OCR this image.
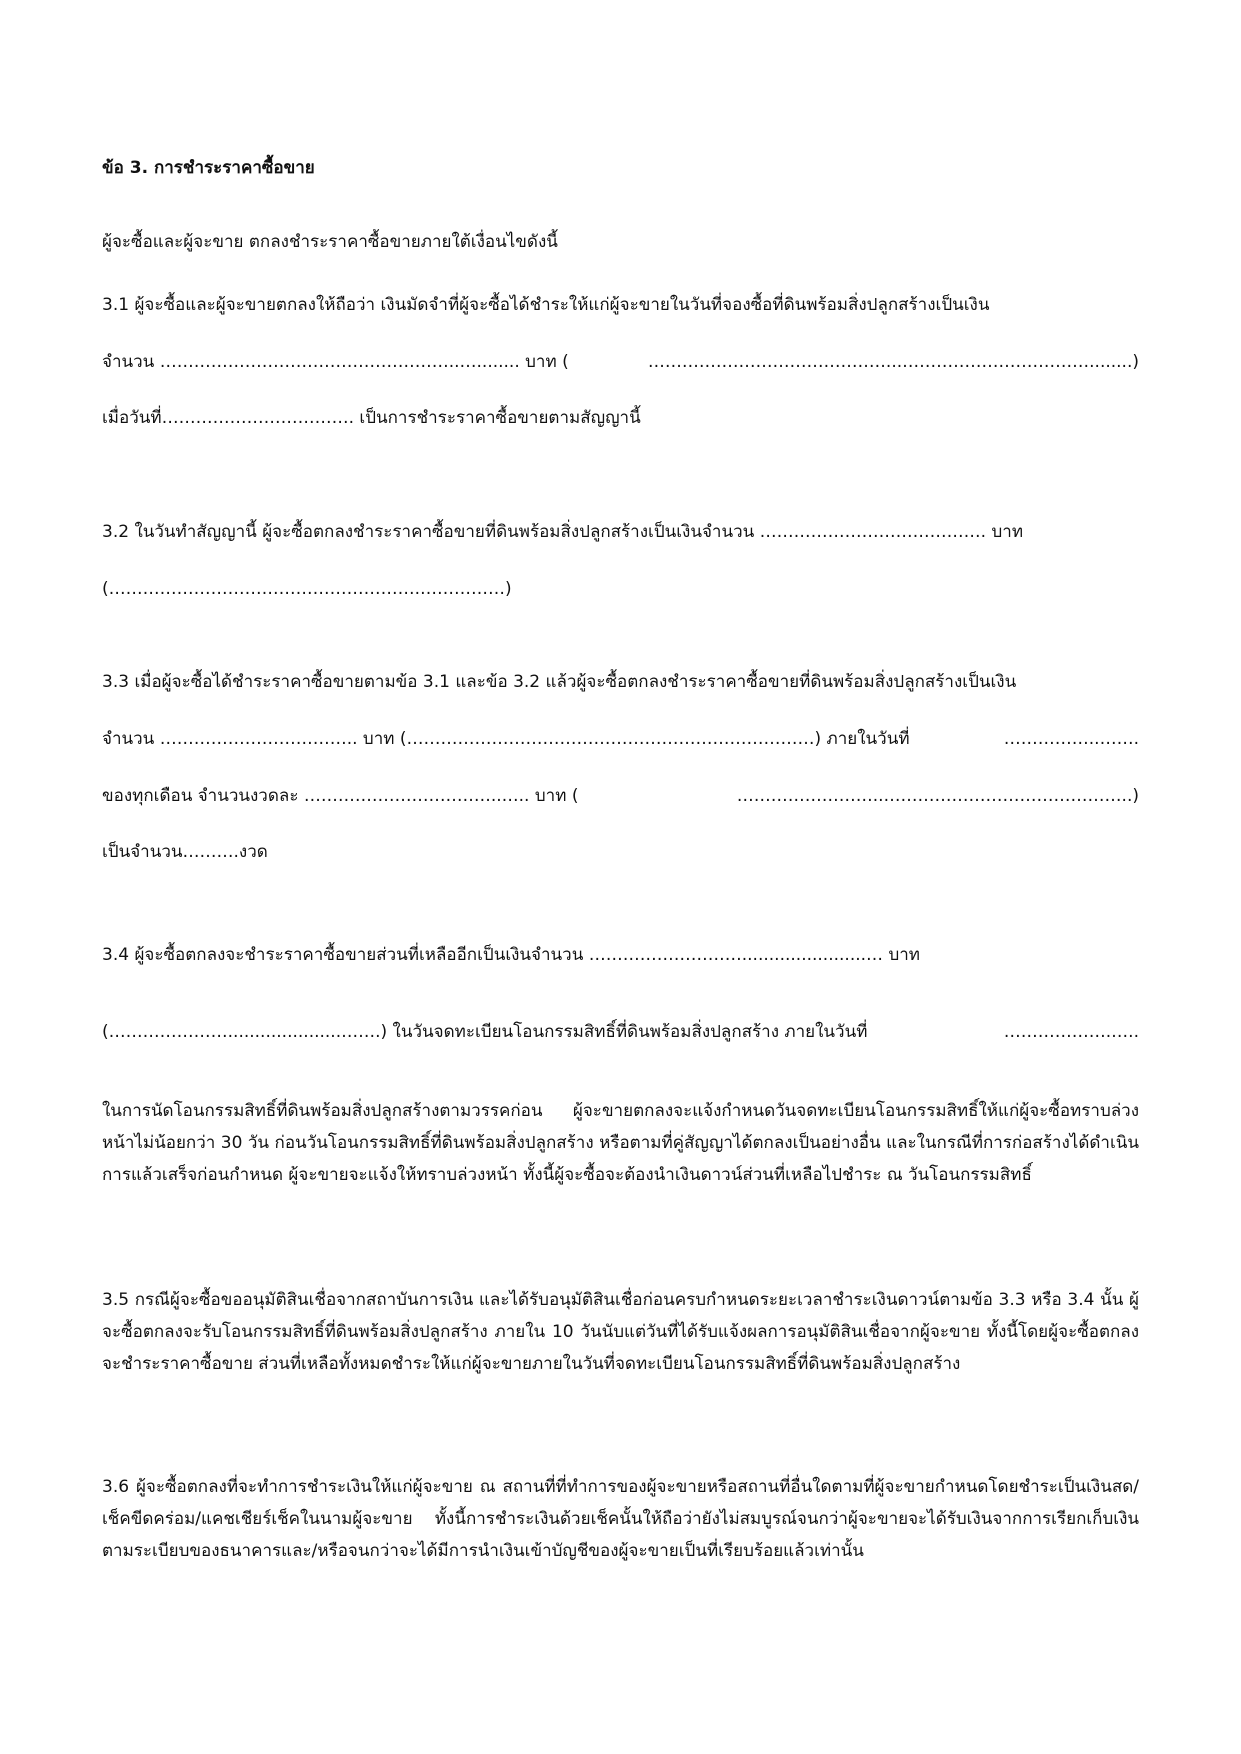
ข้อ 3. การชำระราคาซื้อขาย

ผู้จะซื้อและผู้จะขาย ตกลงชำระราคาซื้อขายภายใต้เงื่อนไขดังนี้

3.1 ผู้จะซื้อและผู้จะขายตกลงให้ถือว่า เงินมัดจำที่ผู้จะซื้อได้ชำระให้แก่ผู้จะขายในวันที่จองซื้อที่ดินพร้อมสิ่งปลูกสร้างเป็นเงิน

จำนวน ……………………………………………..…........ บาท (	……………………………………...……………………………........)

เมื่อวันที่……………………………. เป็นการชำระราคาซื้อขายตามสัญญานี้

3.2 ในวันทำสัญญานี้ ผู้จะซื้อตกลงชำระราคาซื้อขายที่ดินพร้อมสิ่งปลูกสร้างเป็นเงินจำนวน …………………………………. บาท

(……………………………………………….……………)

3.3 เมื่อผู้จะซื้อได้ชำระราคาซื้อขายตามข้อ 3.1 และข้อ 3.2 แล้วผู้จะซื้อตกลงชำระราคาซื้อขายที่ดินพร้อมสิ่งปลูกสร้างเป็นเงิน

จำนวน …………………………….. บาท (………………………………………………………………) ภายในวันที่	……………..…….
ของทุกเดือน จำนวนงวดละ ……………………………..….. บาท (	……………………..……………………………………..)

เป็นจำนวน……….งวด

3.4 ผู้จะซื้อตกลงจะชำระราคาซื้อขายส่วนที่เหลืออีกเป็นเงินจำนวน ……………………….......................… บาท

(………………….....................…….) ในวันจดทะเบียนโอนกรรมสิทธิ์ที่ดินพร้อมสิ่งปลูกสร้าง ภายในวันที่	……………….…..

ในการนัดโอนกรรมสิทธิ์ที่ดินพร้อมสิ่งปลูกสร้างตามวรรคก่อน ผู้จะขายตกลงจะแจ้งกำหนดวันจดทะเบียนโอนกรรมสิทธิ์ให้แก่ผู้จะซื้อทราบล่วงหน้าไม่น้อยกว่า 30 วัน ก่อนวันโอนกรรมสิทธิ์ที่ดินพร้อมสิ่งปลูกสร้าง หรือตามที่คู่สัญญาได้ตกลงเป็นอย่างอื่น และในกรณีที่การก่อสร้างได้ดำเนินการแล้วเสร็จก่อนกำหนด ผู้จะขายจะแจ้งให้ทราบล่วงหน้า ทั้งนี้ผู้จะซื้อจะต้องนำเงินดาวน์ส่วนที่เหลือไปชำระ ณ วันโอนกรรมสิทธิ์

3.5 กรณีผู้จะซื้อขออนุมัติสินเชื่อจากสถาบันการเงิน และได้รับอนุมัติสินเชื่อก่อนครบกำหนดระยะเวลาชำระเงินดาวน์ตามข้อ 3.3 หรือ 3.4 นั้น ผู้จะซื้อตกลงจะรับโอนกรรมสิทธิ์ที่ดินพร้อมสิ่งปลูกสร้าง ภายใน 10 วันนับแต่วันที่ได้รับแจ้งผลการอนุมัติสินเชื่อจากผู้จะขาย ทั้งนี้โดยผู้จะซื้อตกลงจะชำระราคาซื้อขาย ส่วนที่เหลือทั้งหมดชำระให้แก่ผู้จะขายภายในวันที่จดทะเบียนโอนกรรมสิทธิ์ที่ดินพร้อมสิ่งปลูกสร้าง

3.6 ผู้จะซื้อตกลงที่จะทำการชำระเงินให้แก่ผู้จะขาย ณ สถานที่ที่ทำการของผู้จะขายหรือสถานที่อื่นใดตามที่ผู้จะขายกำหนดโดยชำระเป็นเงินสด/เช็คขีดคร่อม/แคชเชียร์เช็คในนามผู้จะขาย ทั้งนี้การชำระเงินด้วยเช็คนั้นให้ถือว่ายังไม่สมบูรณ์จนกว่าผู้จะขายจะได้รับเงินจากการเรียกเก็บเงินตามระเบียบของธนาคารและ/หรือจนกว่าจะได้มีการนำเงินเข้าบัญชีของผู้จะขายเป็นที่เรียบร้อยแล้วเท่านั้น
